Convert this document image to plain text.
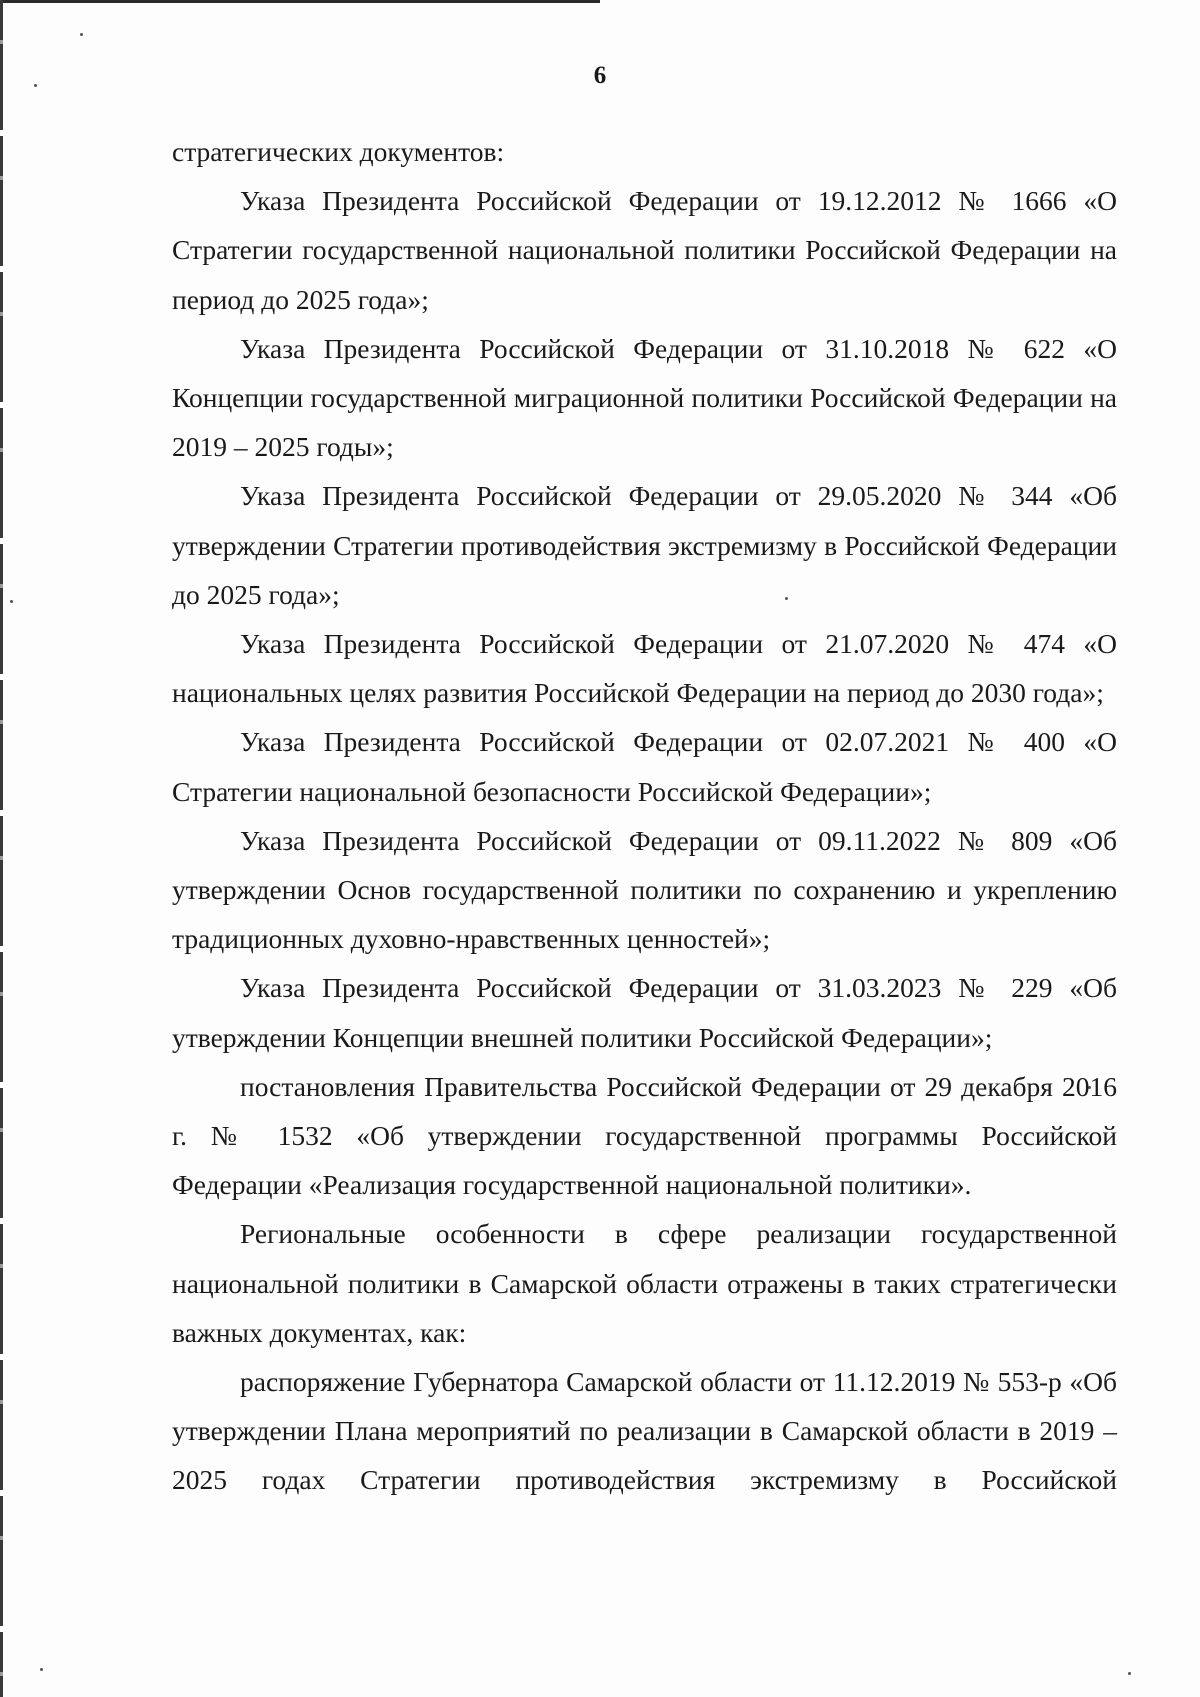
6

стратегических документов:

Указа Президента Российской Федерации от 19.12.2012 № 1666 «О Стратегии государственной национальной политики Российской Федерации на период до 2025 года»;

Указа Президента Российской Федерации от 31.10.2018 № 622 «О Концепции государственной миграционной политики Российской Федерации на 2019 – 2025 годы»;

Указа Президента Российской Федерации от 29.05.2020 № 344 «Об утверждении Стратегии противодействия экстремизму в Российской Федерации до 2025 года»;

Указа Президента Российской Федерации от 21.07.2020 № 474 «О национальных целях развития Российской Федерации на период до 2030 года»;

Указа Президента Российской Федерации от 02.07.2021 № 400 «О Стратегии национальной безопасности Российской Федерации»;

Указа Президента Российской Федерации от 09.11.2022 № 809 «Об утверждении Основ государственной политики по сохранению и укреплению традиционных духовно-нравственных ценностей»;

Указа Президента Российской Федерации от 31.03.2023 № 229 «Об утверждении Концепции внешней политики Российской Федерации»;

постановления Правительства Российской Федерации от 29 декабря 2016 г. № 1532 «Об утверждении государственной программы Российской Федерации «Реализация государственной национальной политики».

Региональные особенности в сфере реализации государственной национальной политики в Самарской области отражены в таких стратегически важных документах, как:

распоряжение Губернатора Самарской области от 11.12.2019 № 553-р «Об утверждении Плана мероприятий по реализации в Самарской области в 2019 – 2025 годах Стратегии противодействия экстремизму в Российской
